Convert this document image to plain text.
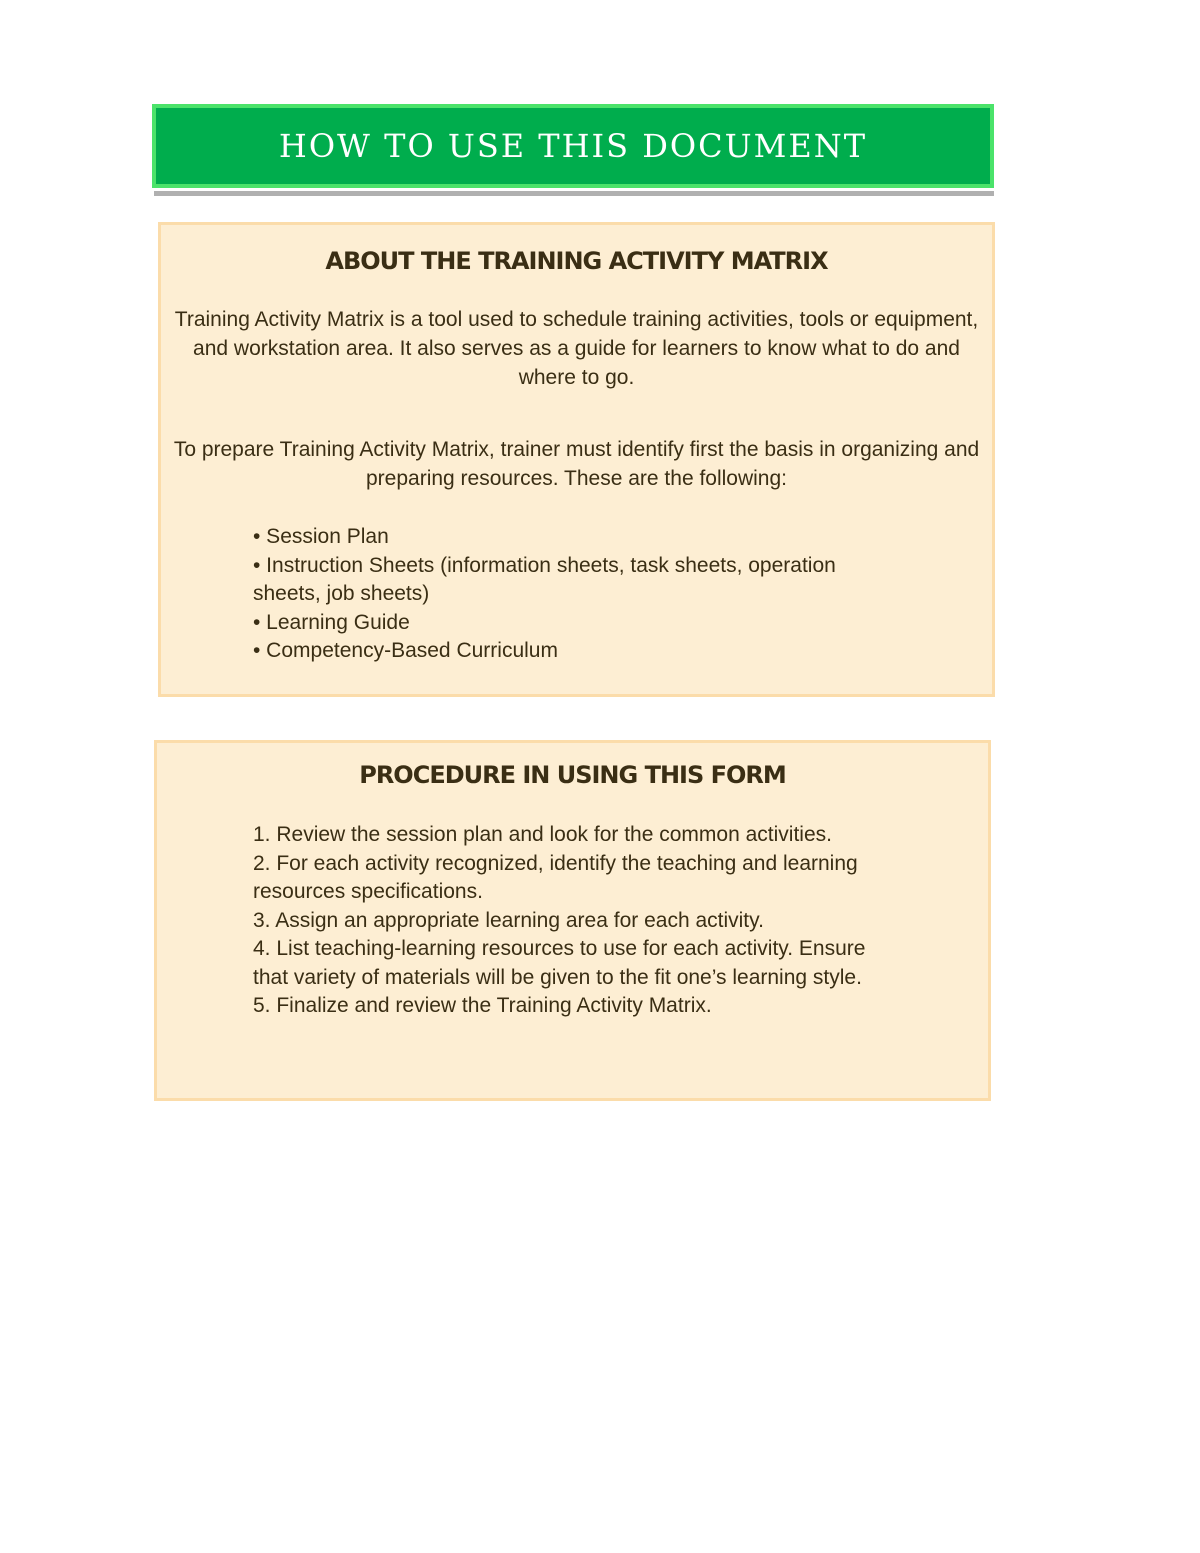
HOW TO USE THIS DOCUMENT
ABOUT THE TRAINING ACTIVITY MATRIX

Training Activity Matrix is a tool used to schedule training activities, tools or equipment, and workstation area. It also serves as a guide for learners to know what to do and where to go.

To prepare Training Activity Matrix, trainer must identify first the basis in organizing and preparing resources. These are the following:

• Session Plan
• Instruction Sheets (information sheets, task sheets, operation sheets, job sheets)
• Learning Guide
• Competency-Based Curriculum
PROCEDURE IN USING THIS FORM
1. Review the session plan and look for the common activities.
2. For each activity recognized, identify the teaching and learning resources specifications.
3. Assign an appropriate learning area for each activity.
4. List teaching-learning resources to use for each activity. Ensure that variety of materials will be given to the fit one’s learning style.
5. Finalize and review the Training Activity Matrix.
